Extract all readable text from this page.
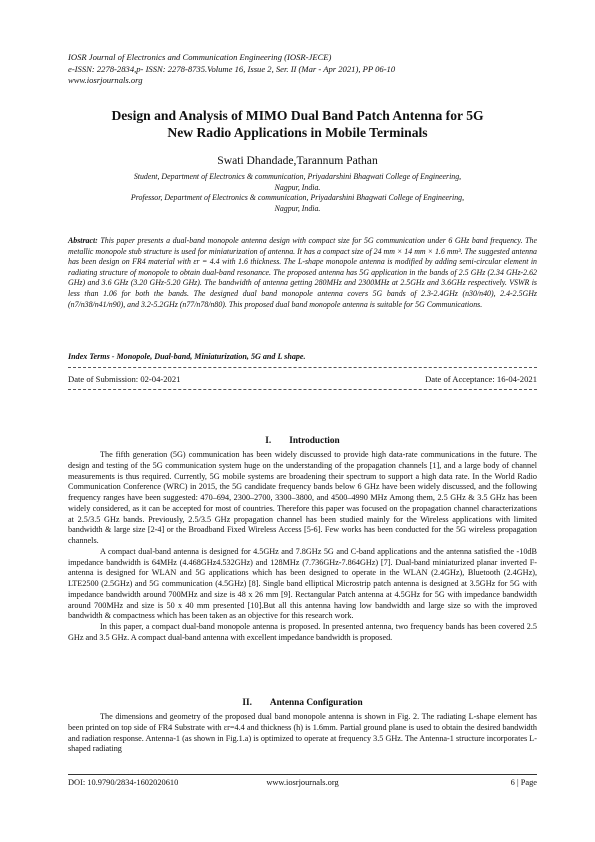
IOSR Journal of Electronics and Communication Engineering (IOSR-JECE)
e-ISSN: 2278-2834,p- ISSN: 2278-8735.Volume 16, Issue 2, Ser. II (Mar - Apr 2021), PP 06-10
www.iosrjournals.org
Design and Analysis of MIMO Dual Band Patch Antenna for 5G
New Radio Applications in Mobile Terminals
Swati Dhandade,Tarannum Pathan
Student, Department of Electronics & communication, Priyadarshini Bhagwati College of Engineering,
Nagpur, India.
Professor, Department of Electronics & communication, Priyadarshini Bhagwati College of Engineering,
Nagpur, India.
Abstract: This paper presents a dual-band monopole antenna design with compact size for 5G communication under 6 GHz band frequency. The metallic monopole stub structure is used for miniaturization of antenna. It has a compact size of 24 mm × 14 mm × 1.6 mm³. The suggested antenna has been design on FR4 material with εr = 4.4 with 1.6 thickness. The L-shape monopole antenna is modified by adding semi-circular element in radiating structure of monopole to obtain dual-band resonance. The proposed antenna has 5G application in the bands of 2.5 GHz (2.34 GHz-2.62 GHz) and 3.6 GHz (3.20 GHz-5.20 GHz). The bandwidth of antenna getting 280MHz and 2300MHz at 2.5GHz and 3.6GHz respectively. VSWR is less than 1.06 for both the bands. The designed dual band monopole antenna covers 5G bands of 2.3-2.4GHz (n30/n40), 2.4-2.5GHz (n7/n38/n41/n90), and 3.2-5.2GHz (n77/n78/n80). This proposed dual band monopole antenna is suitable for 5G Communications.
Index Terms - Monopole, Dual-band, Miniaturization, 5G and L shape.
Date of Submission: 02-04-2021	Date of Acceptance: 16-04-2021
I. Introduction

The fifth generation (5G) communication has been widely discussed to provide high data-rate communications in the future. The design and testing of the 5G communication system huge on the understanding of the propagation channels [1], and a large body of channel measurements is thus required. Currently, 5G mobile systems are broadening their spectrum to support a high data rate. In the World Radio Communication Conference (WRC) in 2015, the 5G candidate frequency bands below 6 GHz have been widely discussed, and the following frequency ranges have been suggested: 470–694, 2300–2700, 3300–3800, and 4500–4990 MHz Among them, 2.5 GHz & 3.5 GHz has been widely considered, as it can be accepted for most of countries. Therefore this paper was focused on the propagation channel characterizations at 2.5/3.5 GHz bands. Previously, 2.5/3.5 GHz propagation channel has been studied mainly for the Wireless applications with limited bandwidth & large size [2-4] or the Broadband Fixed Wireless Access [5-6]. Few works has been conducted for the 5G wireless propagation channels.

A compact dual-band antenna is designed for 4.5GHz and 7.8GHz 5G and C-band applications and the antenna satisfied the -10dB impedance bandwidth is 64MHz (4.468GHz4.532GHz) and 128MHz (7.736GHz-7.864GHz) [7]. Dual-band miniaturized planar inverted F-antenna is designed for WLAN and 5G applications which has been designed to operate in the WLAN (2.4GHz), Bluetooth (2.4GHz), LTE2500 (2.5GHz) and 5G communication (4.5GHz) [8]. Single band elliptical Microstrip patch antenna is designed at 3.5GHz for 5G with impedance bandwidth around 700MHz and size is 48 x 26 mm [9]. Rectangular Patch antenna at 4.5GHz for 5G with impedance bandwidth around 700MHz and size is 50 x 40 mm presented [10].But all this antenna having low bandwidth and large size so with the improved bandwidth & compactness which has been taken as an objective for this research work.

In this paper, a compact dual-band monopole antenna is proposed. In presented antenna, two frequency bands has been covered 2.5 GHz and 3.5 GHz. A compact dual-band antenna with excellent impedance bandwidth is proposed.

II. Antenna Configuration

The dimensions and geometry of the proposed dual band monopole antenna is shown in Fig. 2. The radiating L-shape element has been printed on top side of FR4 Substrate with εr=4.4 and thickness (h) is 1.6mm. Partial ground plane is used to obtain the desired bandwidth and radiation response. Antenna-1 (as shown in Fig.1.a) is optimized to operate at frequency 3.5 GHz. The Antenna-1 structure incorporates L-shaped radiating

DOI: 10.9790/2834-1602020610	www.iosrjournals.org	6 | Page
